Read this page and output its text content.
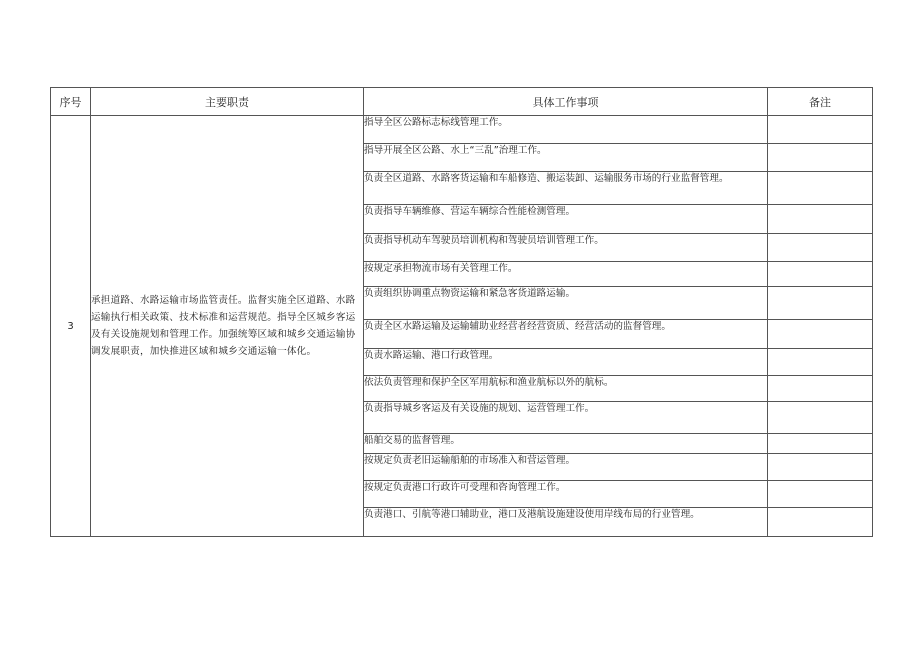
序号	主要职责	具体工作事项	备注
3	承担道路、水路运输市场监管责任。监督实施全区道路、水路运输执行相关政策、技术标准和运营规范。指导全区城乡客运及有关设施规划和管理工作。加强统筹区域和城乡交通运输协调发展职责，加快推进区域和城乡交通运输一体化。	指导全区公路标志标线管理工作。	
		指导开展全区公路、水上“三乱”治理工作。	
		负责全区道路、水路客货运输和车船修造、搬运装卸、运输服务市场的行业监督管理。	
		负责指导车辆维修、营运车辆综合性能检测管理。	
		负责指导机动车驾驶员培训机构和驾驶员培训管理工作。	
		按规定承担物流市场有关管理工作。	
		负责组织协调重点物资运输和紧急客货道路运输。	
		负责全区水路运输及运输辅助业经营者经营资质、经营活动的监督管理。	
		负责水路运输、港口行政管理。	
		依法负责管理和保护全区军用航标和渔业航标以外的航标。	
		负责指导城乡客运及有关设施的规划、运营管理工作。	
		船舶交易的监督管理。	
		按规定负责老旧运输船舶的市场准入和营运管理。	
		按规定负责港口行政许可受理和咨询管理工作。	
		负责港口、引航等港口辅助业，港口及港航设施建设使用岸线布局的行业管理。	
